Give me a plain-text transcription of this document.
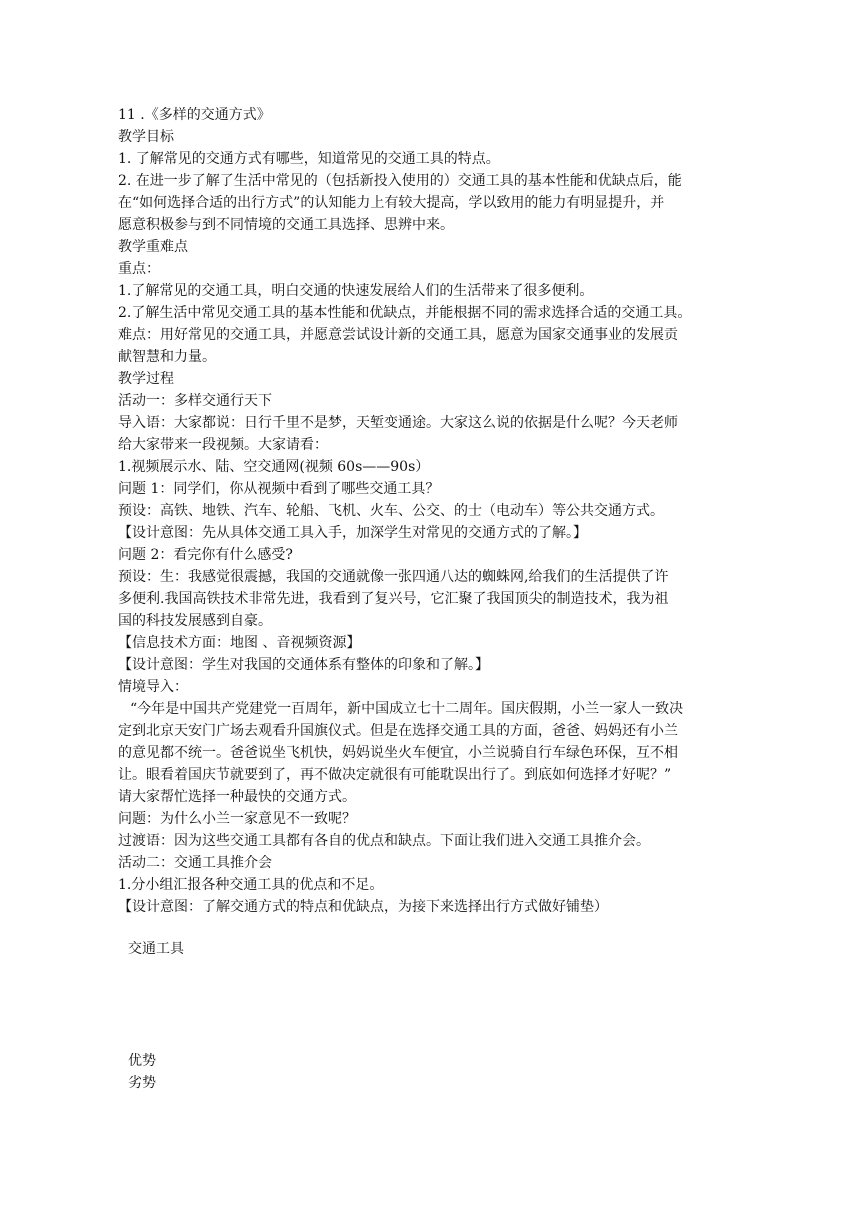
11 .《多样的交通方式》
教学目标
1. 了解常见的交通方式有哪些，知道常见的交通工具的特点。
2. 在进一步了解了生活中常见的（包括新投入使用的）交通工具的基本性能和优缺点后，能
在“如何选择合适的出行方式”的认知能力上有较大提高，学以致用的能力有明显提升，并
愿意积极参与到不同情境的交通工具选择、思辨中来。
教学重难点
重点：
1.了解常见的交通工具，明白交通的快速发展给人们的生活带来了很多便利。
2.了解生活中常见交通工具的基本性能和优缺点，并能根据不同的需求选择合适的交通工具。
难点：用好常见的交通工具，并愿意尝试设计新的交通工具，愿意为国家交通事业的发展贡
献智慧和力量。
教学过程
活动一：多样交通行天下
导入语：大家都说：日行千里不是梦，天堑变通途。大家这么说的依据是什么呢？今天老师
给大家带来一段视频。大家请看：
1.视频展示水、陆、空交通网(视频 60s——90s）
问题 1：同学们，你从视频中看到了哪些交通工具？
预设：高铁、地铁、汽车、轮船、飞机、火车、公交、的士（电动车）等公共交通方式。
【设计意图：先从具体交通工具入手，加深学生对常见的交通方式的了解。】
问题 2：看完你有什么感受?
预设：生：我感觉很震撼，我国的交通就像一张四通八达的蜘蛛网,给我们的生活提供了许
多便利.我国高铁技术非常先进，我看到了复兴号，它汇聚了我国顶尖的制造技术，我为祖
国的科技发展感到自豪。
【信息技术方面：地图 、音视频资源】
【设计意图：学生对我国的交通体系有整体的印象和了解。】
情境导入：
“今年是中国共产党建党一百周年，新中国成立七十二周年。国庆假期，小兰一家人一致决
定到北京天安门广场去观看升国旗仪式。但是在选择交通工具的方面，爸爸、妈妈还有小兰
的意见都不统一。爸爸说坐飞机快，妈妈说坐火车便宜，小兰说骑自行车绿色环保，互不相
让。眼看着国庆节就要到了，再不做决定就很有可能耽误出行了。到底如何选择才好呢？”
请大家帮忙选择一种最快的交通方式。
问题：为什么小兰一家意见不一致呢？
过渡语：因为这些交通工具都有各自的优点和缺点。下面让我们进入交通工具推介会。
活动二：交通工具推介会
1.分小组汇报各种交通工具的优点和不足。
【设计意图：了解交通方式的特点和优缺点，为接下来选择出行方式做好铺垫）
交通工具
优势
劣势
